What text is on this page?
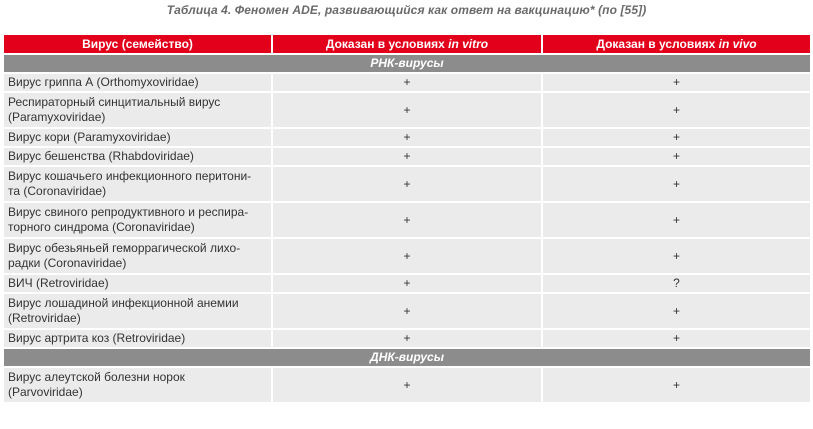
Таблица 4. Феномен ADE, развивающийся как ответ на вакцинацию* (по [55])
Вирус (семейство)	Доказан в условиях in vitro	Доказан в условиях in vivo
РНК-вирусы		

Вирус гриппа А (Orthomyxoviridae)	+	+

Респираторный синцитиальный вирус
(Paramyxoviridae)	+	+

Вирус кори (Paramyxoviridae)	+	+

Вирус бешенства (Rhabdoviridae)	+	+

Вирус кошачьего инфекционного перитони-
та (Coronaviridae)	+	+

Вирус свиного репродуктивного и респира-
торного синдрома (Coronaviridae)	+	+

Вирус обезьяньей геморрагической лихо-
радки (Coronaviridae)	+	+

ВИЧ (Retroviridae)	+	?

Вирус лошадиной инфекционной анемии
(Retroviridae)	+	+

Вирус артрита коз (Retroviridae)	+	+
ДНК-вирусы		

Вирус алеутской болезни норок
(Parvoviridae)	+	+
